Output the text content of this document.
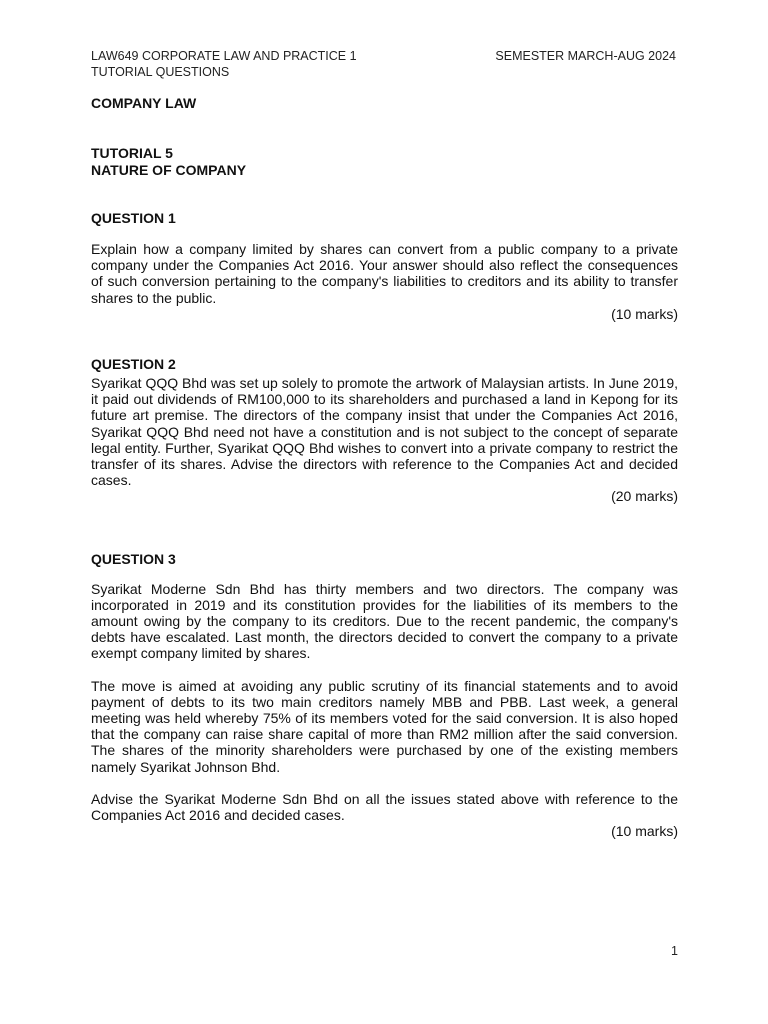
LAW649 CORPORATE LAW AND PRACTICE 1
TUTORIAL QUESTIONS
SEMESTER MARCH-AUG 2024

COMPANY LAW

TUTORIAL 5

NATURE OF COMPANY

QUESTION 1

Explain how a company limited by shares can convert from a public company to a private company under the Companies Act 2016. Your answer should also reflect the consequences of such conversion pertaining to the company's liabilities to creditors and its ability to transfer shares to the public.

(10 marks)

QUESTION 2

Syarikat QQQ Bhd was set up solely to promote the artwork of Malaysian artists. In June 2019, it paid out dividends of RM100,000 to its shareholders and purchased a land in Kepong for its future art premise. The directors of the company insist that under the Companies Act 2016, Syarikat QQQ Bhd need not have a constitution and is not subject to the concept of separate legal entity. Further, Syarikat QQQ Bhd wishes to convert into a private company to restrict the transfer of its shares. Advise the directors with reference to the Companies Act and decided cases.

(20 marks)

QUESTION 3

Syarikat Moderne Sdn Bhd has thirty members and two directors. The company was incorporated in 2019 and its constitution provides for the liabilities of its members to the amount owing by the company to its creditors. Due to the recent pandemic, the company's debts have escalated. Last month, the directors decided to convert the company to a private exempt company limited by shares.

The move is aimed at avoiding any public scrutiny of its financial statements and to avoid payment of debts to its two main creditors namely MBB and PBB. Last week, a general meeting was held whereby 75% of its members voted for the said conversion. It is also hoped that the company can raise share capital of more than RM2 million after the said conversion. The shares of the minority shareholders were purchased by one of the existing members namely Syarikat Johnson Bhd.

Advise the Syarikat Moderne Sdn Bhd on all the issues stated above with reference to the Companies Act 2016 and decided cases.

(10 marks)

1
